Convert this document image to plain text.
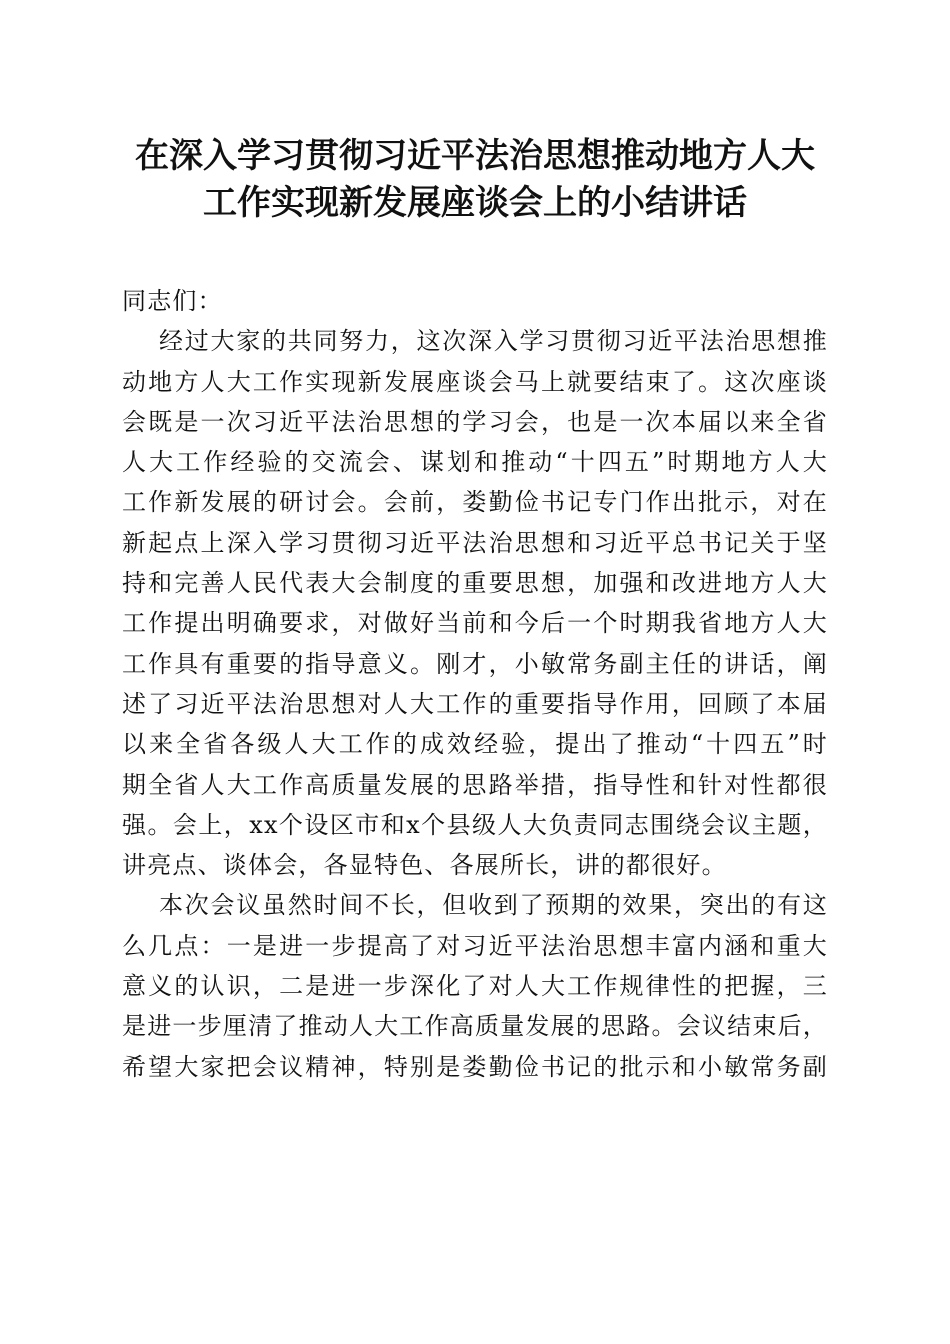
在深入学习贯彻习近平法治思想推动地方人大
工作实现新发展座谈会上的小结讲话

同志们：

经过大家的共同努力，这次深入学习贯彻习近平法治思想推
动地方人大工作实现新发展座谈会马上就要结束了。这次座谈
会既是一次习近平法治思想的学习会，也是一次本届以来全省
人大工作经验的交流会、谋划和推动“十四五”时期地方人大
工作新发展的研讨会。会前，娄勤俭书记专门作出批示，对在
新起点上深入学习贯彻习近平法治思想和习近平总书记关于坚
持和完善人民代表大会制度的重要思想，加强和改进地方人大
工作提出明确要求，对做好当前和今后一个时期我省地方人大
工作具有重要的指导意义。刚才，小敏常务副主任的讲话，阐
述了习近平法治思想对人大工作的重要指导作用，回顾了本届
以来全省各级人大工作的成效经验，提出了推动“十四五”时
期全省人大工作高质量发展的思路举措，指导性和针对性都很
强。会上，xx个设区市和x个县级人大负责同志围绕会议主题，
讲亮点、谈体会，各显特色、各展所长，讲的都很好。

本次会议虽然时间不长，但收到了预期的效果，突出的有这
么几点：一是进一步提高了对习近平法治思想丰富内涵和重大
意义的认识，二是进一步深化了对人大工作规律性的把握，三
是进一步厘清了推动人大工作高质量发展的思路。会议结束后，
希望大家把会议精神，特别是娄勤俭书记的批示和小敏常务副
